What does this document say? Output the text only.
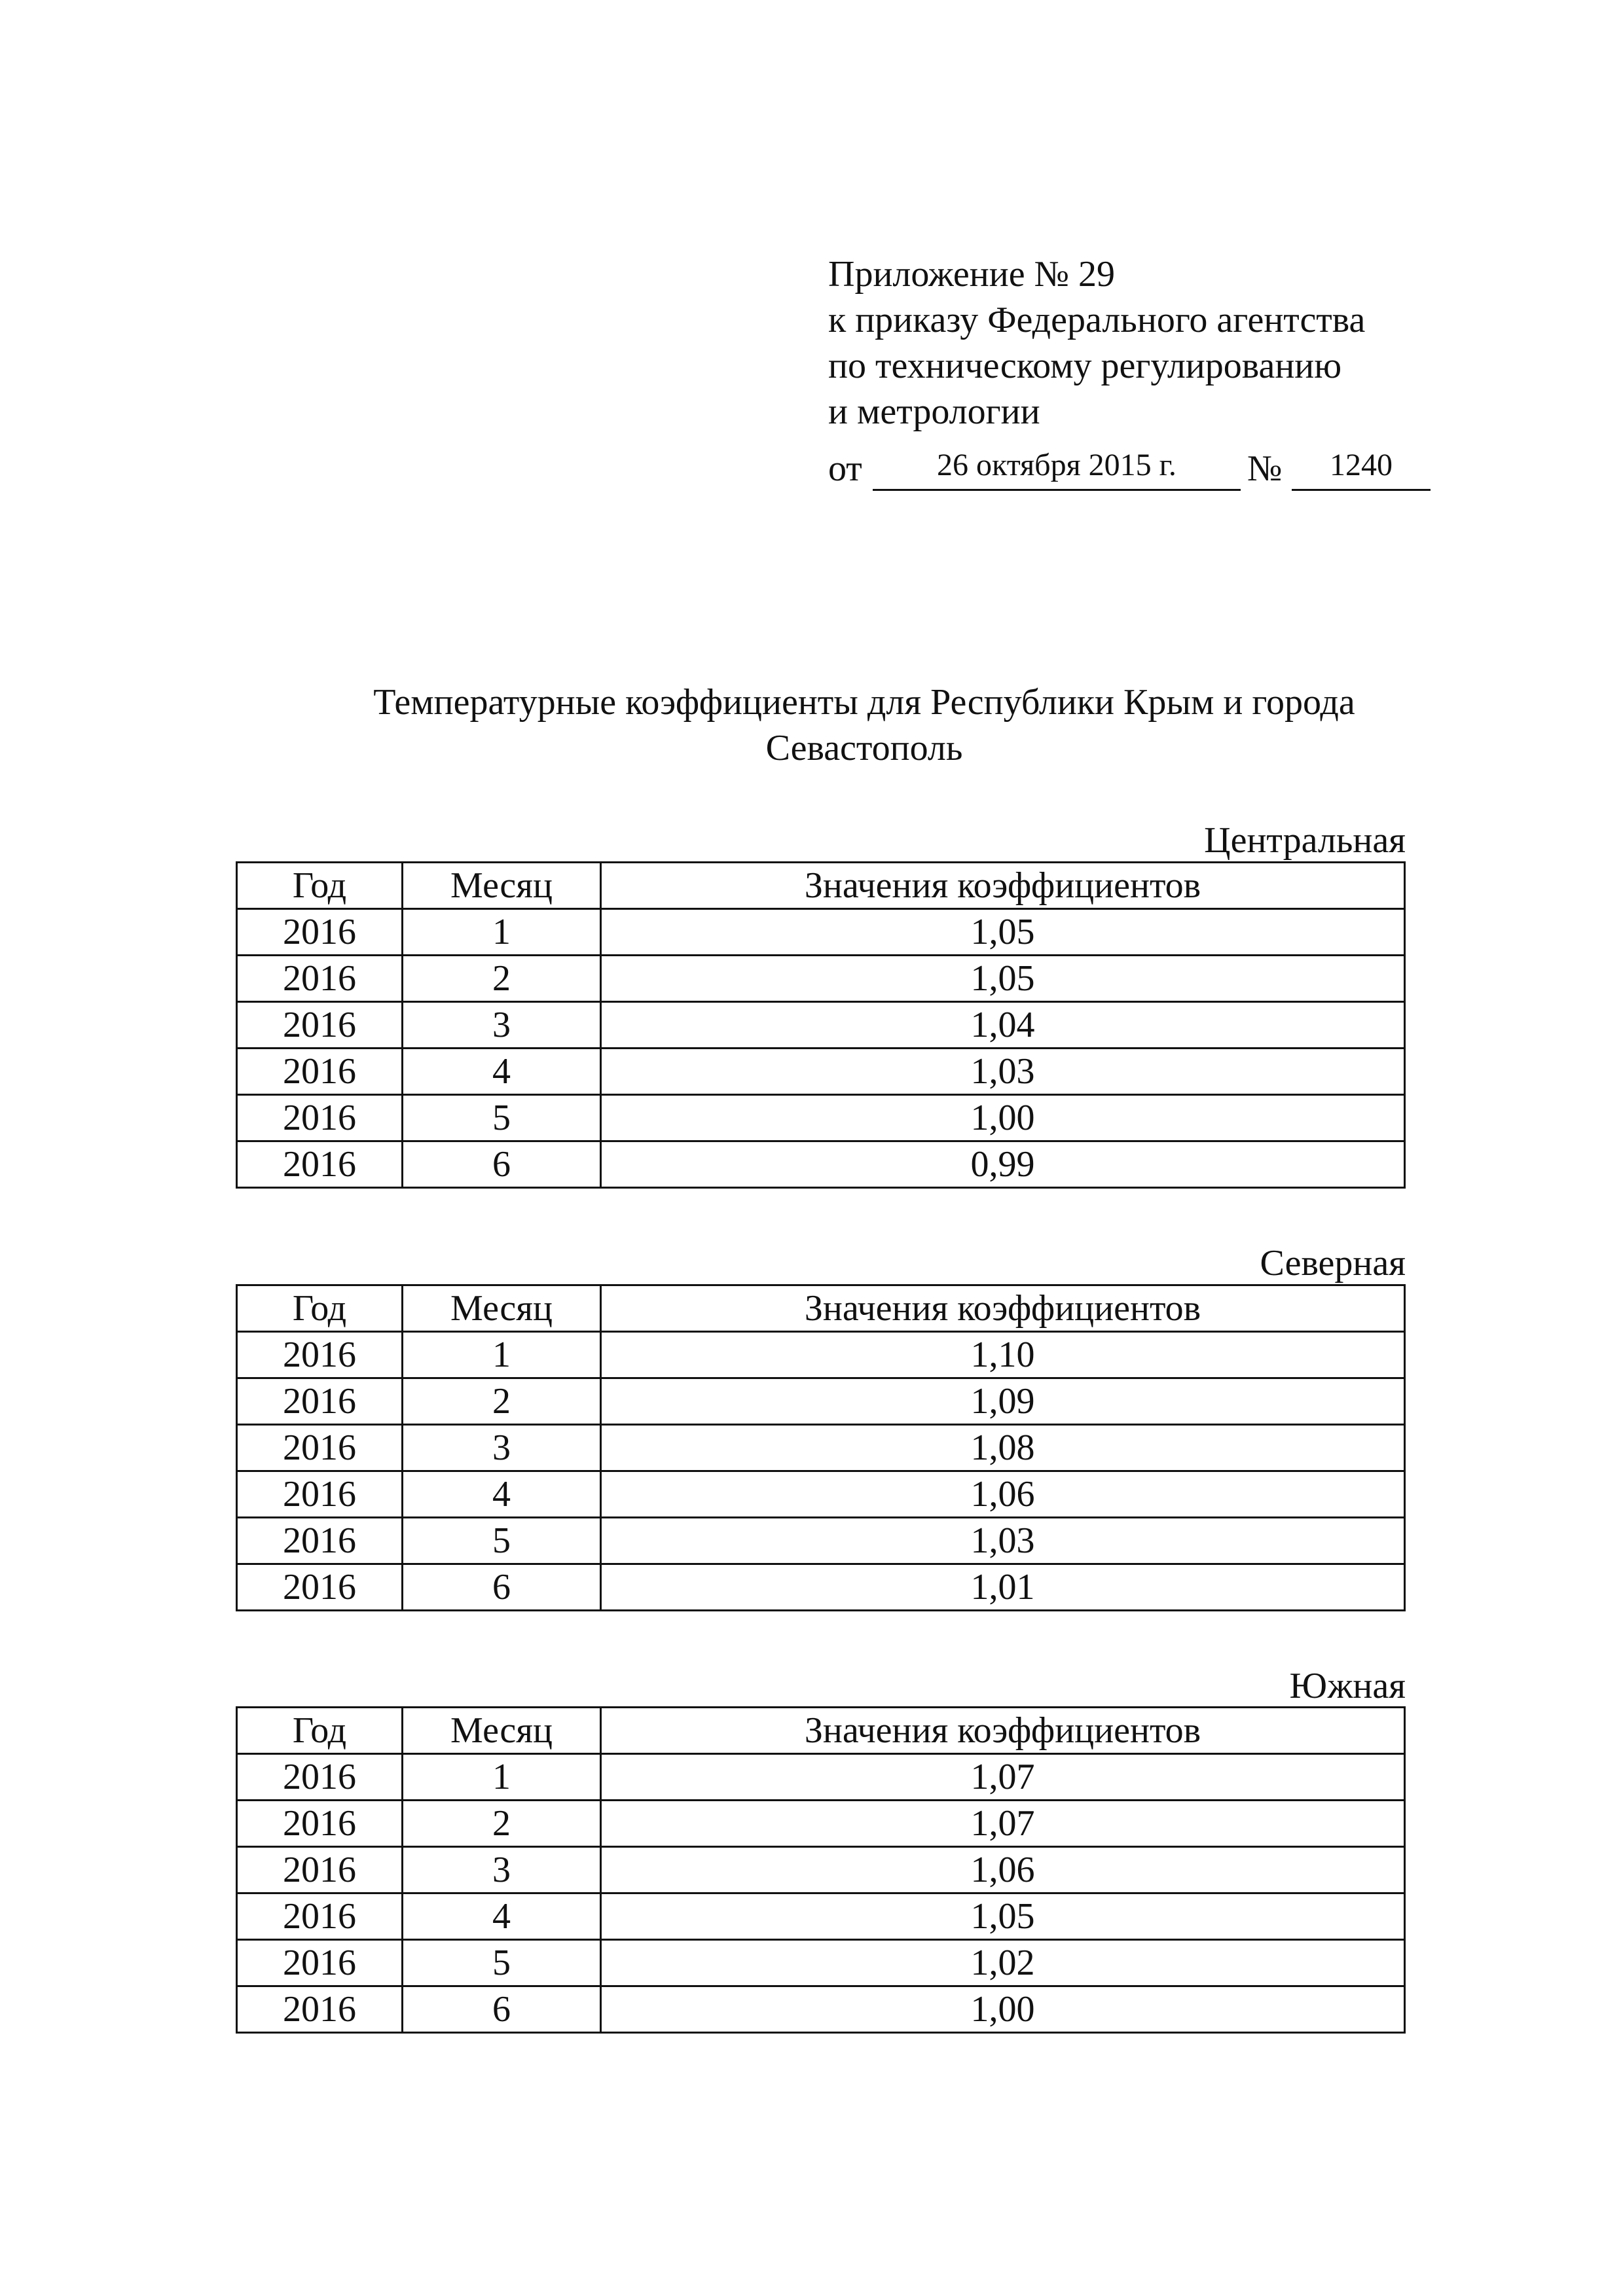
Приложение № 29
к приказу Федерального агентства
по техническому регулированию
и метрологии
от	26 октября 2015 г.	№	1240
Температурные коэффициенты для Республики Крым и города Севастополь
Центральная
Год	Месяц	Значения коэффициентов
2016	1	1,05
2016	2	1,05
2016	3	1,04
2016	4	1,03
2016	5	1,00
2016	6	0,99
Северная
Год	Месяц	Значения коэффициентов
2016	1	1,10
2016	2	1,09
2016	3	1,08
2016	4	1,06
2016	5	1,03
2016	6	1,01
Южная
Год	Месяц	Значения коэффициентов
2016	1	1,07
2016	2	1,07
2016	3	1,06
2016	4	1,05
2016	5	1,02
2016	6	1,00
